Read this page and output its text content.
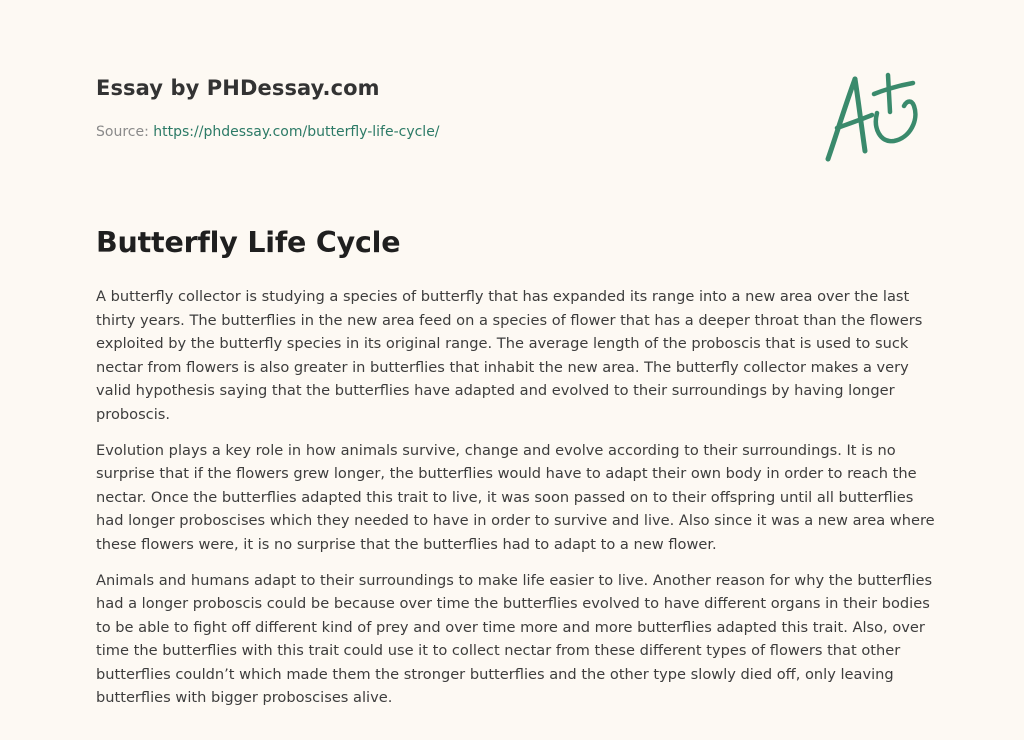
Essay by PHDessay.com

Source: https://phdessay.com/butterfly-life-cycle/

Butterfly Life Cycle

A butterfly collector is studying a species of butterfly that has expanded its range into a new area over the last thirty years. The butterflies in the new area feed on a species of flower that has a deeper throat than the flowers exploited by the butterfly species in its original range. The average length of the proboscis that is used to suck nectar from flowers is also greater in butterflies that inhabit the new area. The butterfly collector makes a very valid hypothesis saying that the butterflies have adapted and evolved to their surroundings by having longer proboscis.

Evolution plays a key role in how animals survive, change and evolve according to their surroundings. It is no surprise that if the flowers grew longer, the butterflies would have to adapt their own body in order to reach the nectar. Once the butterflies adapted this trait to live, it was soon passed on to their offspring until all butterflies had longer proboscises which they needed to have in order to survive and live. Also since it was a new area where these flowers were, it is no surprise that the butterflies had to adapt to a new flower.

Animals and humans adapt to their surroundings to make life easier to live. Another reason for why the butterflies had a longer proboscis could be because over time the butterflies evolved to have different organs in their bodies to be able to fight off different kind of prey and over time more and more butterflies adapted this trait. Also, over time the butterflies with this trait could use it to collect nectar from these different types of flowers that other butterflies couldn’t which made them the stronger butterflies and the other type slowly died off, only leaving butterflies with bigger proboscises alive.
